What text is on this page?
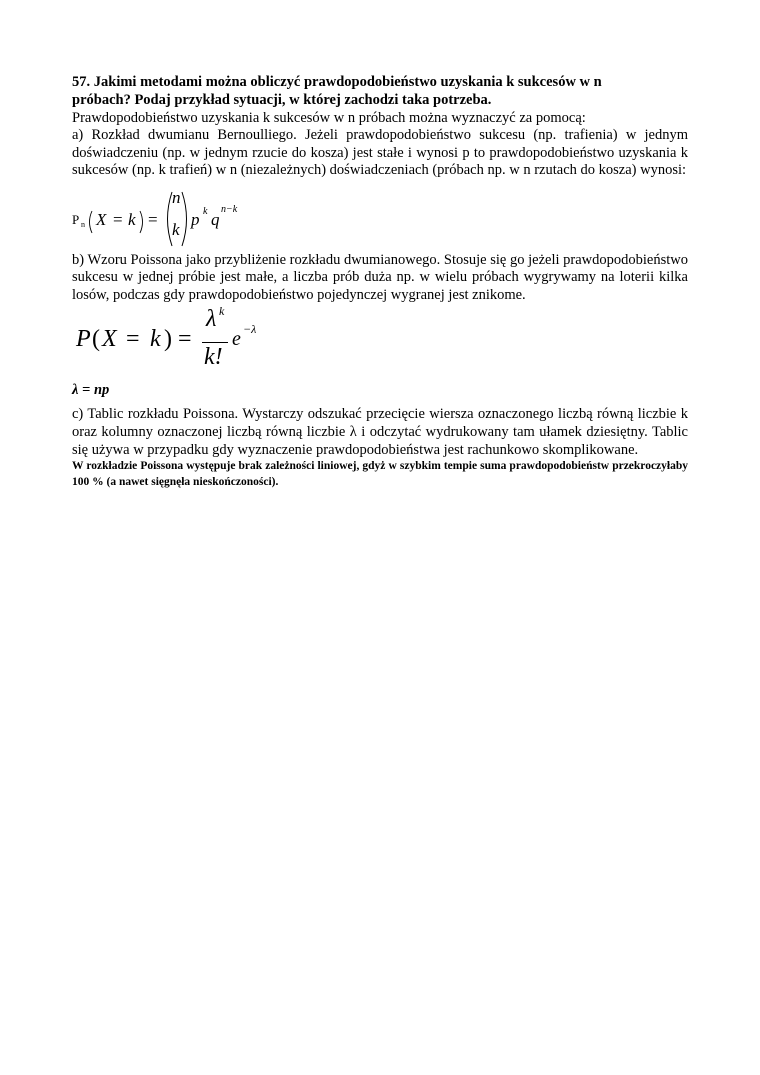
57. Jakimi metodami można obliczyć prawdopodobieństwo uzyskania k sukcesów w n
próbach? Podaj przykład sytuacji, w której zachodzi taka potrzeba.

Prawdopodobieństwo uzyskania k sukcesów w n próbach można wyznaczyć za pomocą:

a) Rozkład dwumianu Bernoulliego. Jeżeli prawdopodobieństwo sukcesu (np. trafienia) w jednym doświadczeniu (np. w jednym rzucie do kosza) jest stałe i wynosi p to prawdopodobieństwo uzyskania k sukcesów (np. k trafień) w n (niezależnych) doświadczeniach (próbach np. w n rzutach do kosza) wynosi:

P n X = k =
n
k
p k q
n−k

b) Wzoru Poissona jako przybliżenie rozkładu dwumianowego. Stosuje się go jeżeli prawdopodobieństwo sukcesu w jednej próbie jest małe, a liczba prób duża np. w wielu próbach wygrywamy na loterii kilka losów, podczas gdy prawdopodobieństwo pojedynczej wygranej jest znikome.

P ( X = k ) =
λ k
k!
e −λ

λ = np

c) Tablic rozkładu Poissona. Wystarczy odszukać przecięcie wiersza oznaczonego liczbą równą liczbie k oraz kolumny oznaczonej liczbą równą liczbie λ i odczytać wydrukowany tam ułamek dziesiętny. Tablic się używa w przypadku gdy wyznaczenie prawdopodobieństwa jest rachunkowo skomplikowane.

W rozkładzie Poissona występuje brak zależności liniowej, gdyż w szybkim tempie suma prawdopodobieństw przekroczyłaby 100 % (a nawet sięgnęła nieskończoności).
